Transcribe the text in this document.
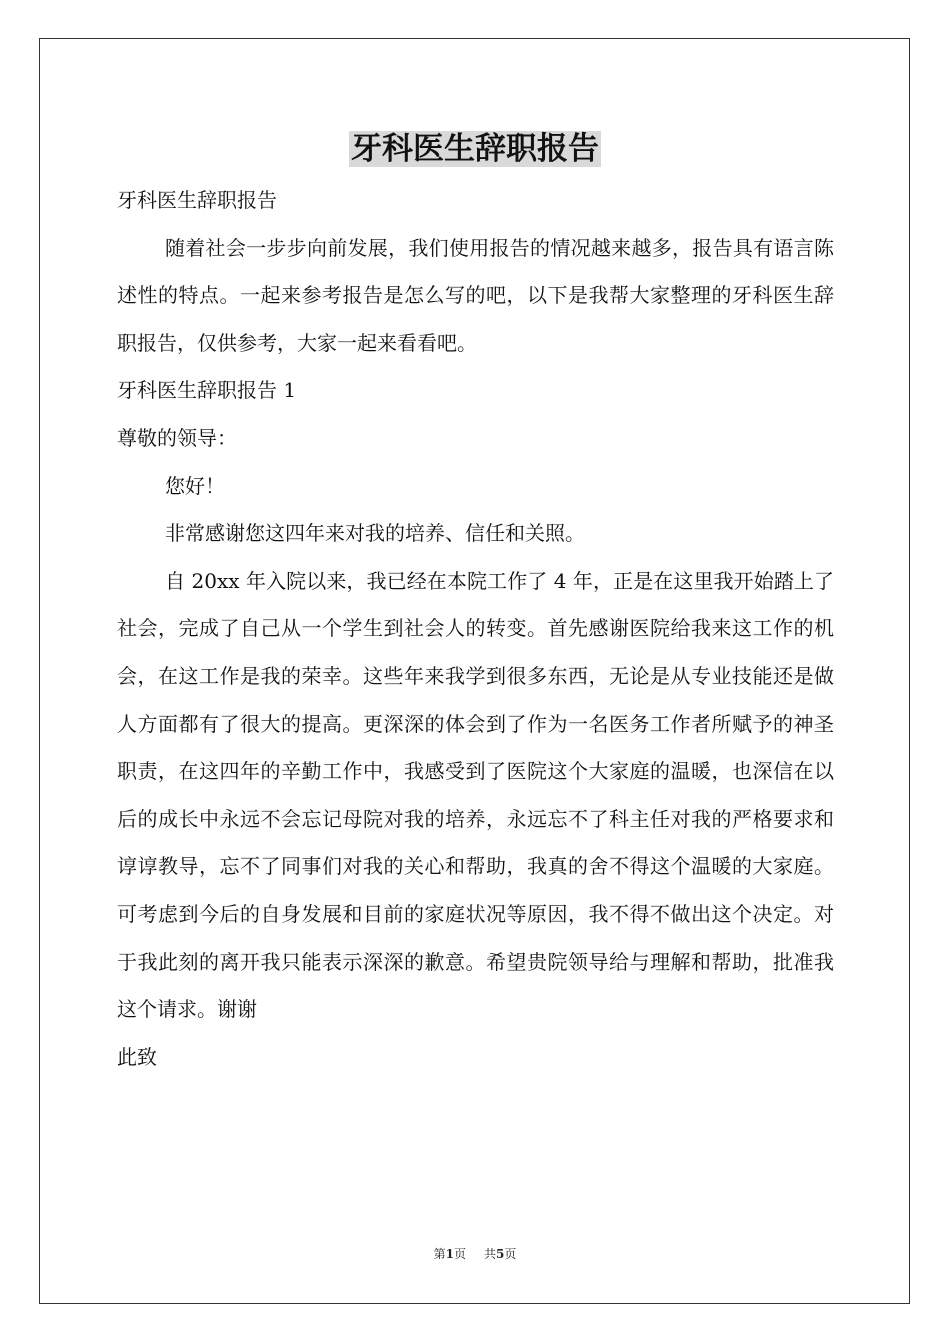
牙科医生辞职报告

牙科医生辞职报告

随着社会一步步向前发展，我们使用报告的情况越来越多，报告具有语言陈述性的特点。一起来参考报告是怎么写的吧，以下是我帮大家整理的牙科医生辞职报告，仅供参考，大家一起来看看吧。

牙科医生辞职报告 1

尊敬的领导：

您好！

非常感谢您这四年来对我的培养、信任和关照。

自 20xx 年入院以来，我已经在本院工作了 4 年，正是在这里我开始踏上了社会，完成了自己从一个学生到社会人的转变。首先感谢医院给我来这工作的机会，在这工作是我的荣幸。这些年来我学到很多东西，无论是从专业技能还是做人方面都有了很大的提高。更深深的体会到了作为一名医务工作者所赋予的神圣职责，在这四年的辛勤工作中，我感受到了医院这个大家庭的温暖，也深信在以后的成长中永远不会忘记母院对我的培养，永远忘不了科主任对我的严格要求和谆谆教导，忘不了同事们对我的关心和帮助，我真的舍不得这个温暖的大家庭。可考虑到今后的自身发展和目前的家庭状况等原因，我不得不做出这个决定。对于我此刻的离开我只能表示深深的歉意。希望贵院领导给与理解和帮助，批准我这个请求。谢谢

此致

第1页 共5页
